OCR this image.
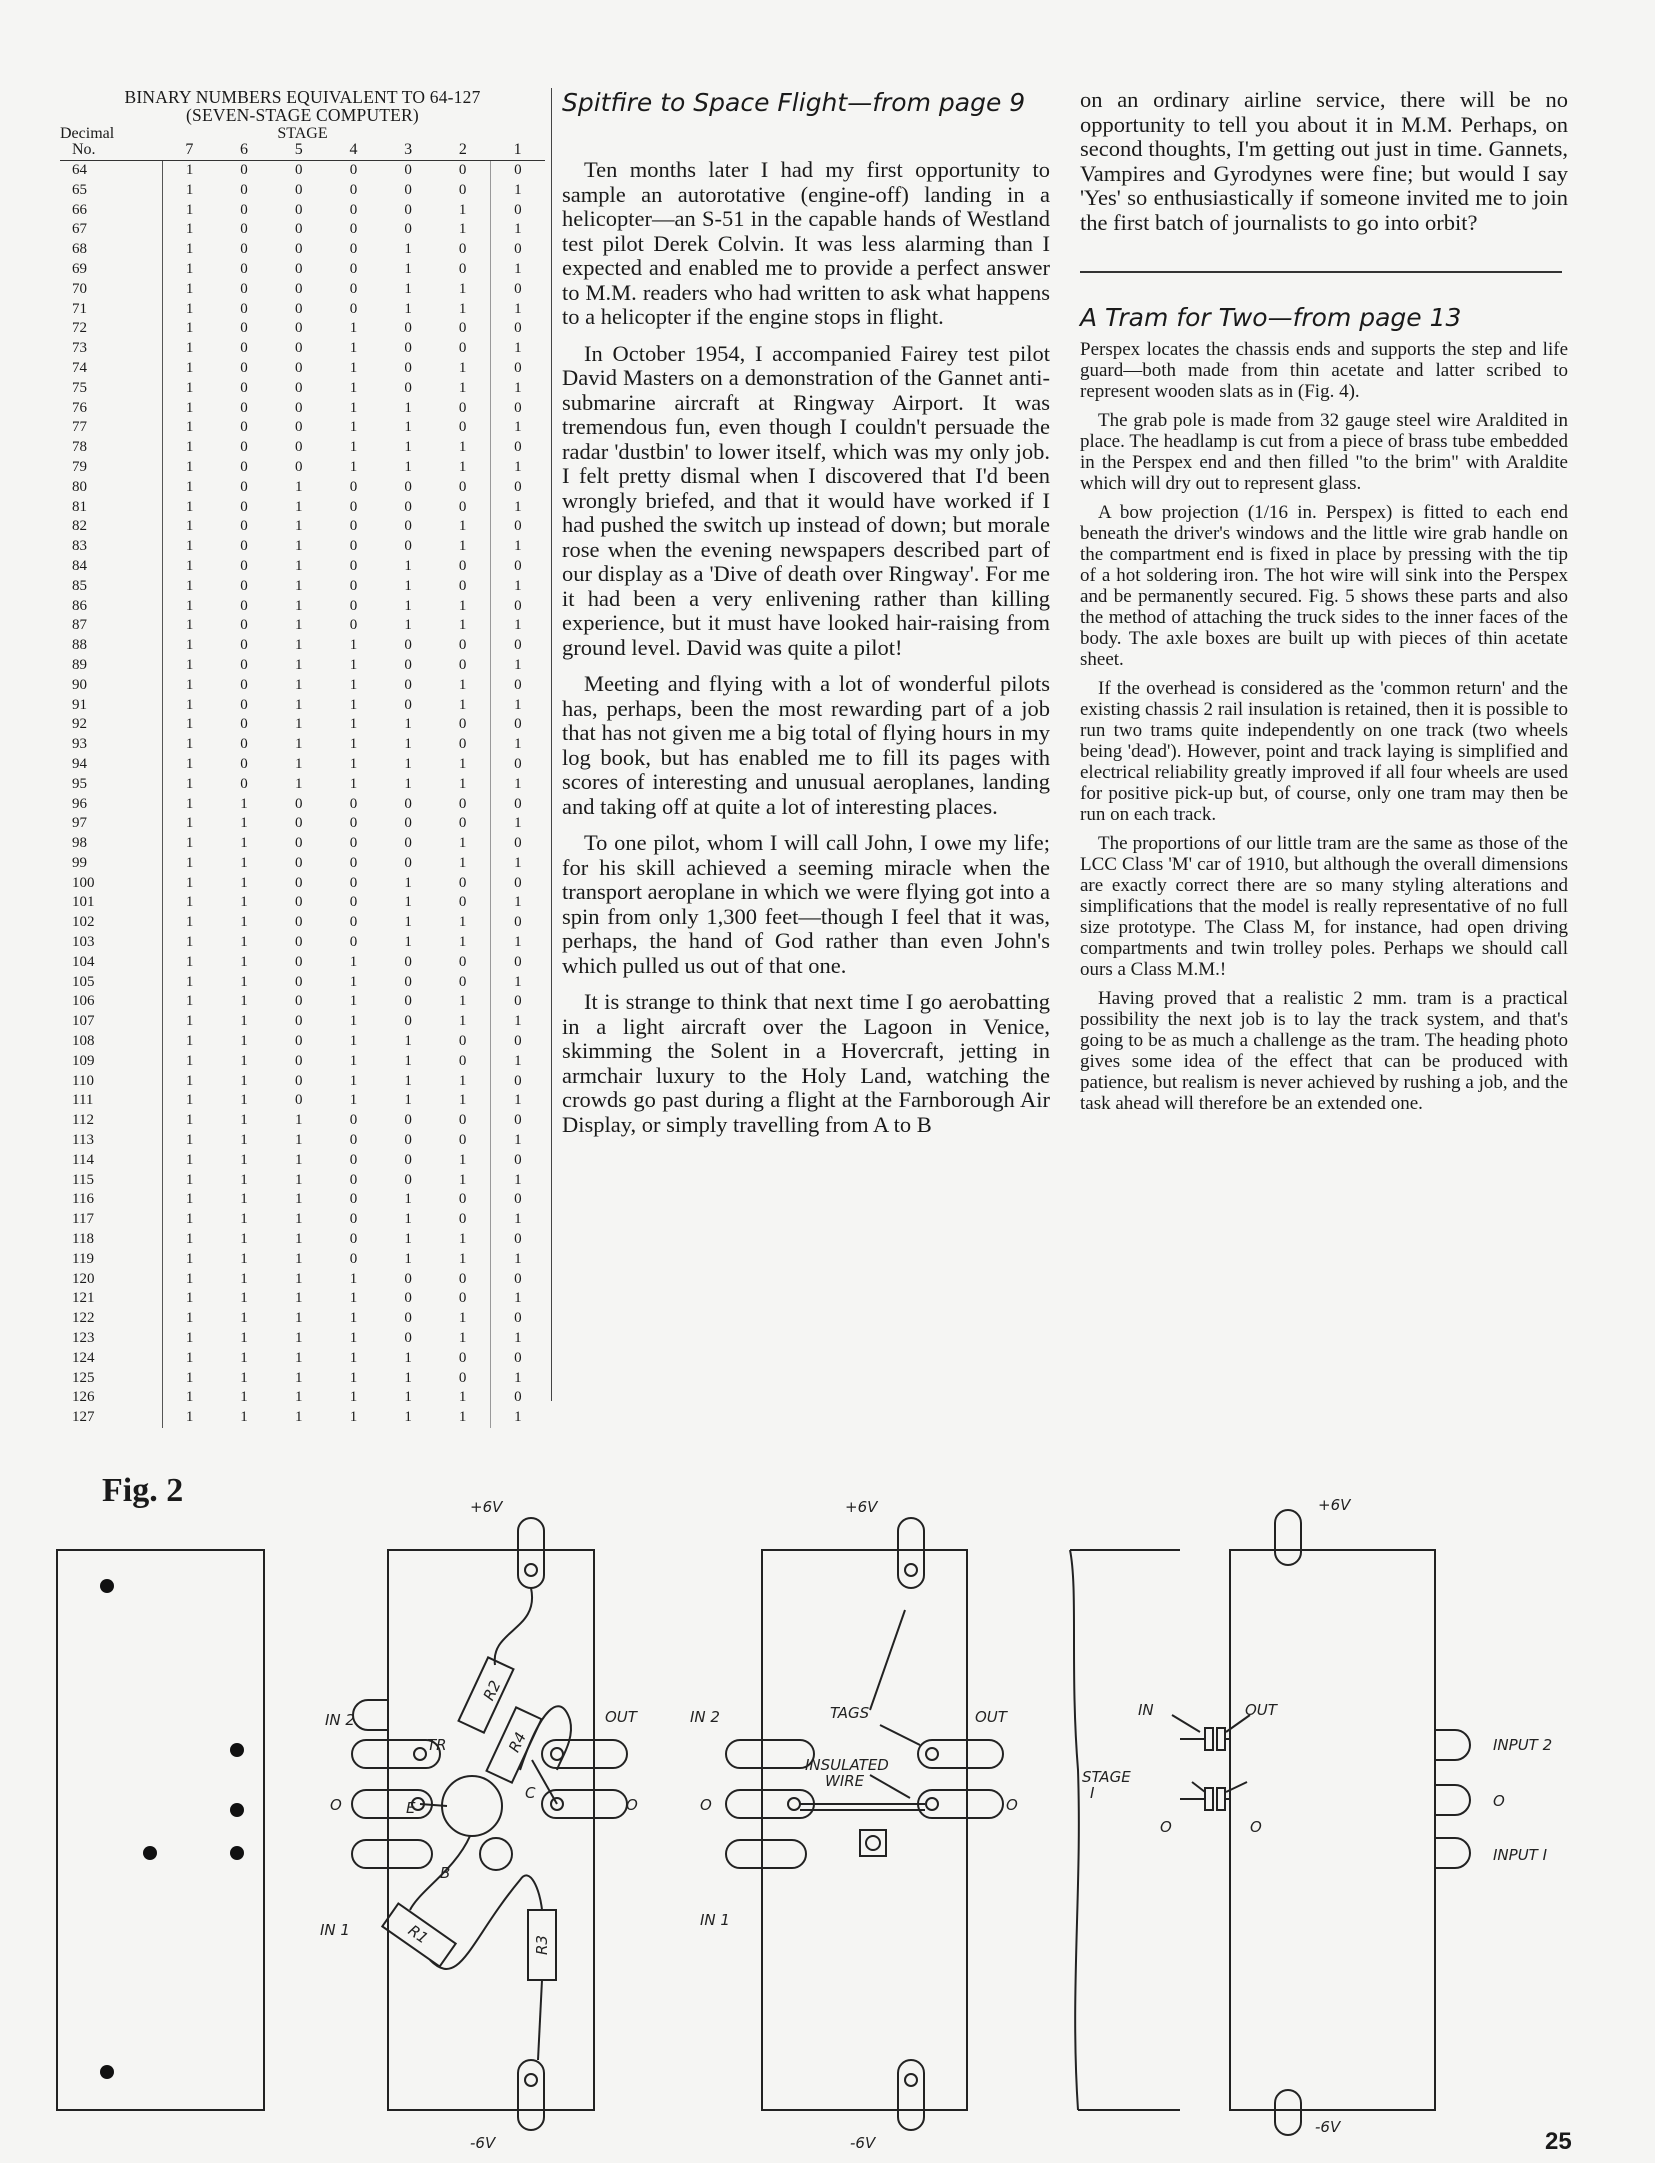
BINARY NUMBERS EQUIVALENT TO 64-127
(SEVEN-STAGE COMPUTER)
Decimal	STAGE
No.	7	6	5	4	3	2	1
64	1	0	0	0	0	0	0
65	1	0	0	0	0	0	1
66	1	0	0	0	0	1	0
67	1	0	0	0	0	1	1
68	1	0	0	0	1	0	0
69	1	0	0	0	1	0	1
70	1	0	0	0	1	1	0
71	1	0	0	0	1	1	1
72	1	0	0	1	0	0	0
73	1	0	0	1	0	0	1
74	1	0	0	1	0	1	0
75	1	0	0	1	0	1	1
76	1	0	0	1	1	0	0
77	1	0	0	1	1	0	1
78	1	0	0	1	1	1	0
79	1	0	0	1	1	1	1
80	1	0	1	0	0	0	0
81	1	0	1	0	0	0	1
82	1	0	1	0	0	1	0
83	1	0	1	0	0	1	1
84	1	0	1	0	1	0	0
85	1	0	1	0	1	0	1
86	1	0	1	0	1	1	0
87	1	0	1	0	1	1	1
88	1	0	1	1	0	0	0
89	1	0	1	1	0	0	1
90	1	0	1	1	0	1	0
91	1	0	1	1	0	1	1
92	1	0	1	1	1	0	0
93	1	0	1	1	1	0	1
94	1	0	1	1	1	1	0
95	1	0	1	1	1	1	1
96	1	1	0	0	0	0	0
97	1	1	0	0	0	0	1
98	1	1	0	0	0	1	0
99	1	1	0	0	0	1	1
100	1	1	0	0	1	0	0
101	1	1	0	0	1	0	1
102	1	1	0	0	1	1	0
103	1	1	0	0	1	1	1
104	1	1	0	1	0	0	0
105	1	1	0	1	0	0	1
106	1	1	0	1	0	1	0
107	1	1	0	1	0	1	1
108	1	1	0	1	1	0	0
109	1	1	0	1	1	0	1
110	1	1	0	1	1	1	0
111	1	1	0	1	1	1	1
112	1	1	1	0	0	0	0
113	1	1	1	0	0	0	1
114	1	1	1	0	0	1	0
115	1	1	1	0	0	1	1
116	1	1	1	0	1	0	0
117	1	1	1	0	1	0	1
118	1	1	1	0	1	1	0
119	1	1	1	0	1	1	1
120	1	1	1	1	0	0	0
121	1	1	1	1	0	0	1
122	1	1	1	1	0	1	0
123	1	1	1	1	0	1	1
124	1	1	1	1	1	0	0
125	1	1	1	1	1	0	1
126	1	1	1	1	1	1	0
127	1	1	1	1	1	1	1
Spitfire to Space Flight—from page 9

Ten months later I had my first opportunity to sample an autorotative (engine-off) landing in a helicopter—an S-51 in the capable hands of Westland test pilot Derek Colvin. It was less alarming than I expected and enabled me to provide a perfect answer to M.M. readers who had written to ask what happens to a helicopter if the engine stops in flight.

In October 1954, I accompanied Fairey test pilot David Masters on a demonstration of the Gannet anti-submarine aircraft at Ringway Airport. It was tremendous fun, even though I couldn't persuade the radar 'dustbin' to lower itself, which was my only job. I felt pretty dismal when I discovered that I'd been wrongly briefed, and that it would have worked if I had pushed the switch up instead of down; but morale rose when the evening newspapers described part of our display as a 'Dive of death over Ringway'. For me it had been a very enlivening rather than killing experience, but it must have looked hair-raising from ground level. David was quite a pilot!

Meeting and flying with a lot of wonderful pilots has, perhaps, been the most rewarding part of a job that has not given me a big total of flying hours in my log book, but has enabled me to fill its pages with scores of interesting and unusual aeroplanes, landing and taking off at quite a lot of interesting places.

To one pilot, whom I will call John, I owe my life; for his skill achieved a seeming miracle when the transport aeroplane in which we were flying got into a spin from only 1,300 feet—though I feel that it was, perhaps, the hand of God rather than even John's which pulled us out of that one.

It is strange to think that next time I go aerobatting in a light aircraft over the Lagoon in Venice, skimming the Solent in a Hovercraft, jetting in armchair luxury to the Holy Land, watching the crowds go past during a flight at the Farnborough Air Display, or simply travelling from A to B

on an ordinary airline service, there will be no opportunity to tell you about it in M.M. Perhaps, on second thoughts, I'm getting out just in time. Gannets, Vampires and Gyrodynes were fine; but would I say 'Yes' so enthusiastically if someone invited me to join the first batch of journalists to go into orbit?

A Tram for Two—from page 13

Perspex locates the chassis ends and supports the step and life guard—both made from thin acetate and latter scribed to represent wooden slats as in (Fig. 4).

The grab pole is made from 32 gauge steel wire Araldited in place. The headlamp is cut from a piece of brass tube embedded in the Perspex end and then filled "to the brim" with Araldite which will dry out to represent glass.

A bow projection (1/16 in. Perspex) is fitted to each end beneath the driver's windows and the little wire grab handle on the compartment end is fixed in place by pressing with the tip of a hot soldering iron. The hot wire will sink into the Perspex and be permanently secured. Fig. 5 shows these parts and also the method of attaching the truck sides to the inner faces of the body. The axle boxes are built up with pieces of thin acetate sheet.

If the overhead is considered as the 'common return' and the existing chassis 2 rail insulation is retained, then it is possible to run two trams quite independently on one track (two wheels being 'dead'). However, point and track laying is simplified and electrical reliability greatly improved if all four wheels are used for positive pick-up but, of course, only one tram may then be run on each track.

The proportions of our little tram are the same as those of the LCC Class 'M' car of 1910, but although the overall dimensions are exactly correct there are so many styling alterations and simplifications that the model is really representative of no full size prototype. The Class M, for instance, had open driving compartments and twin trolley poles. Perhaps we should call ours a Class M.M.!

Having proved that a realistic 2 mm. tram is a practical possibility the next job is to lay the track system, and that's going to be as much a challenge as the tram. The heading photo gives some idea of the effect that can be produced with patience, but realism is never achieved by rushing a job, and the task ahead will therefore be an extended one.

Fig. 2	+6V
-6V
IN 2	OUT
O	O
IN 1
TR
E
B
C
R2
R4
R1	R3
+6V
-6V
IN 2	OUT
O	O
IN 1
TAGS
INSULATED
WIRE
+6V
-6V
IN	OUT
STAGE
I
O	O
INPUT 2
O
INPUT I
25
